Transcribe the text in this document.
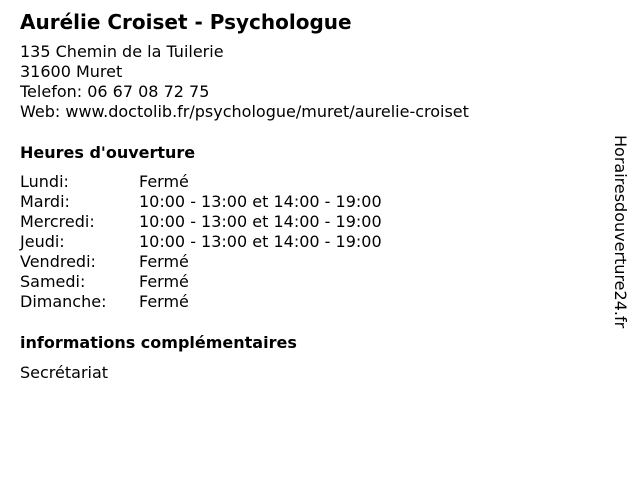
Aurélie Croiset - Psychologue
135 Chemin de la Tuilerie
31600 Muret
Telefon: 06 67 08 72 75
Web: www.doctolib.fr/psychologue/muret/aurelie-croiset
Heures d'ouverture
Lundi:	Fermé
Mardi:	10:00 - 13:00 et 14:00 - 19:00
Mercredi:	10:00 - 13:00 et 14:00 - 19:00
Jeudi:	10:00 - 13:00 et 14:00 - 19:00
Vendredi:	Fermé
Samedi:	Fermé
Dimanche:	Fermé
informations complémentaires
Secrétariat
Horairesdouverture24.fr
